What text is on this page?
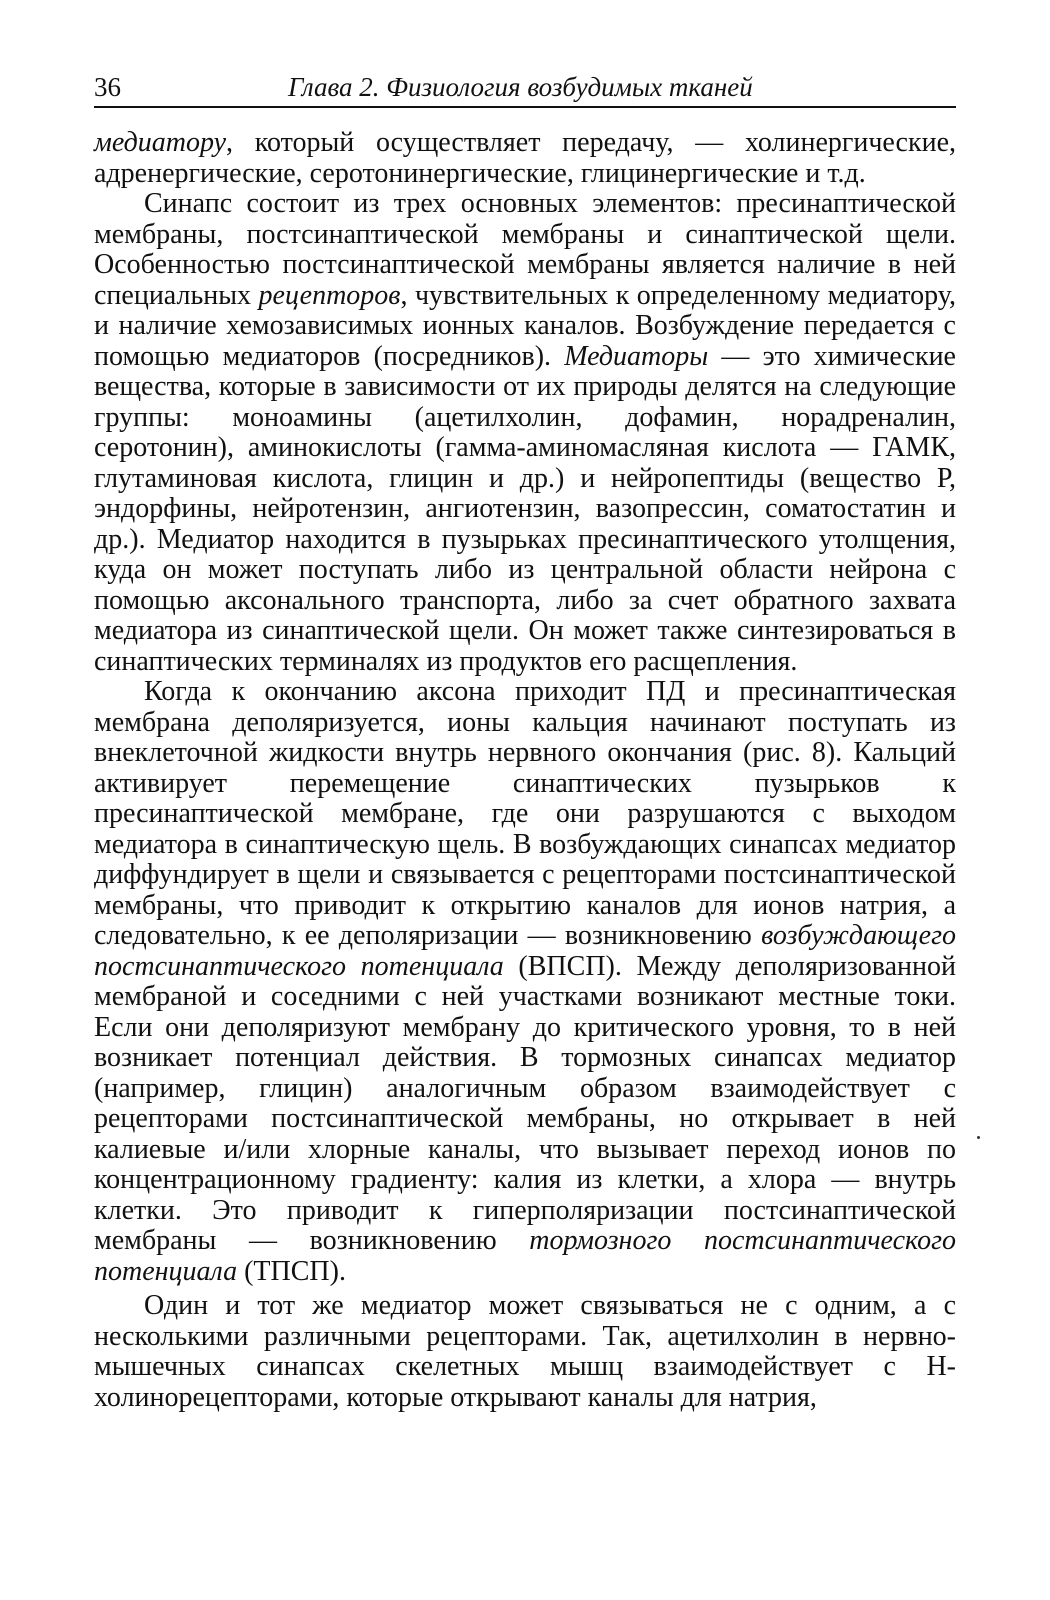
36	Глава 2. Физиология возбудимых тканей

медиатору, который осуществляет передачу, — холинергические, адренергические, серотонинергические, глицинергические и т.д.

Синапс состоит из трех основных элементов: пресинаптической мембраны, постсинаптической мембраны и синаптической щели. Особенностью постсинаптической мембраны является наличие в ней специальных рецепторов, чувствительных к определенному медиатору, и наличие хемозависимых ионных каналов. Возбуждение передается с помощью медиаторов (посредников). Медиаторы — это химические вещества, которые в зависимости от их природы делятся на следующие группы: моноамины (ацетилхолин, дофамин, норадреналин, серотонин), аминокислоты (гамма-аминомасляная кислота — ГАМК, глутаминовая кислота, глицин и др.) и нейропептиды (вещество Р, эндорфины, нейротензин, ангиотензин, вазопрессин, соматостатин и др.). Медиатор находится в пузырьках пресинаптического утолщения, куда он может поступать либо из центральной области нейрона с помощью аксонального транспорта, либо за счет обратного захвата медиатора из синаптической щели. Он может также синтезироваться в синаптических терминалях из продуктов его расщепления.

Когда к окончанию аксона приходит ПД и пресинаптическая мембрана деполяризуется, ионы кальция начинают поступать из внеклеточной жидкости внутрь нервного окончания (рис. 8). Кальций активирует перемещение синаптических пузырьков к пресинаптической мембране, где они разрушаются с выходом медиатора в синаптическую щель. В возбуждающих синапсах медиатор диффундирует в щели и связывается с рецепторами постсинаптической мембраны, что приводит к открытию каналов для ионов натрия, а следовательно, к ее деполяризации — возникновению возбуждающего постсинаптического потенциала (ВПСП). Между деполяризованной мембраной и соседними с ней участками возникают местные токи. Если они деполяризуют мембрану до критического уровня, то в ней возникает потенциал действия. В тормозных синапсах медиатор (например, глицин) аналогичным образом взаимодействует с рецепторами постсинаптической мембраны, но открывает в ней калиевые и/или хлорные каналы, что вызывает переход ионов по концентрационному градиенту: калия из клетки, а хлора — внутрь клетки. Это приводит к гиперполяризации постсинаптической мембраны — возникновению тормозного постсинаптического потенциала (ТПСП).

Один и тот же медиатор может связываться не с одним, а с несколькими различными рецепторами. Так, ацетилхолин в нервно-мышечных синапсах скелетных мышц взаимодействует с Н-холинорецепторами, которые открывают каналы для натрия,
